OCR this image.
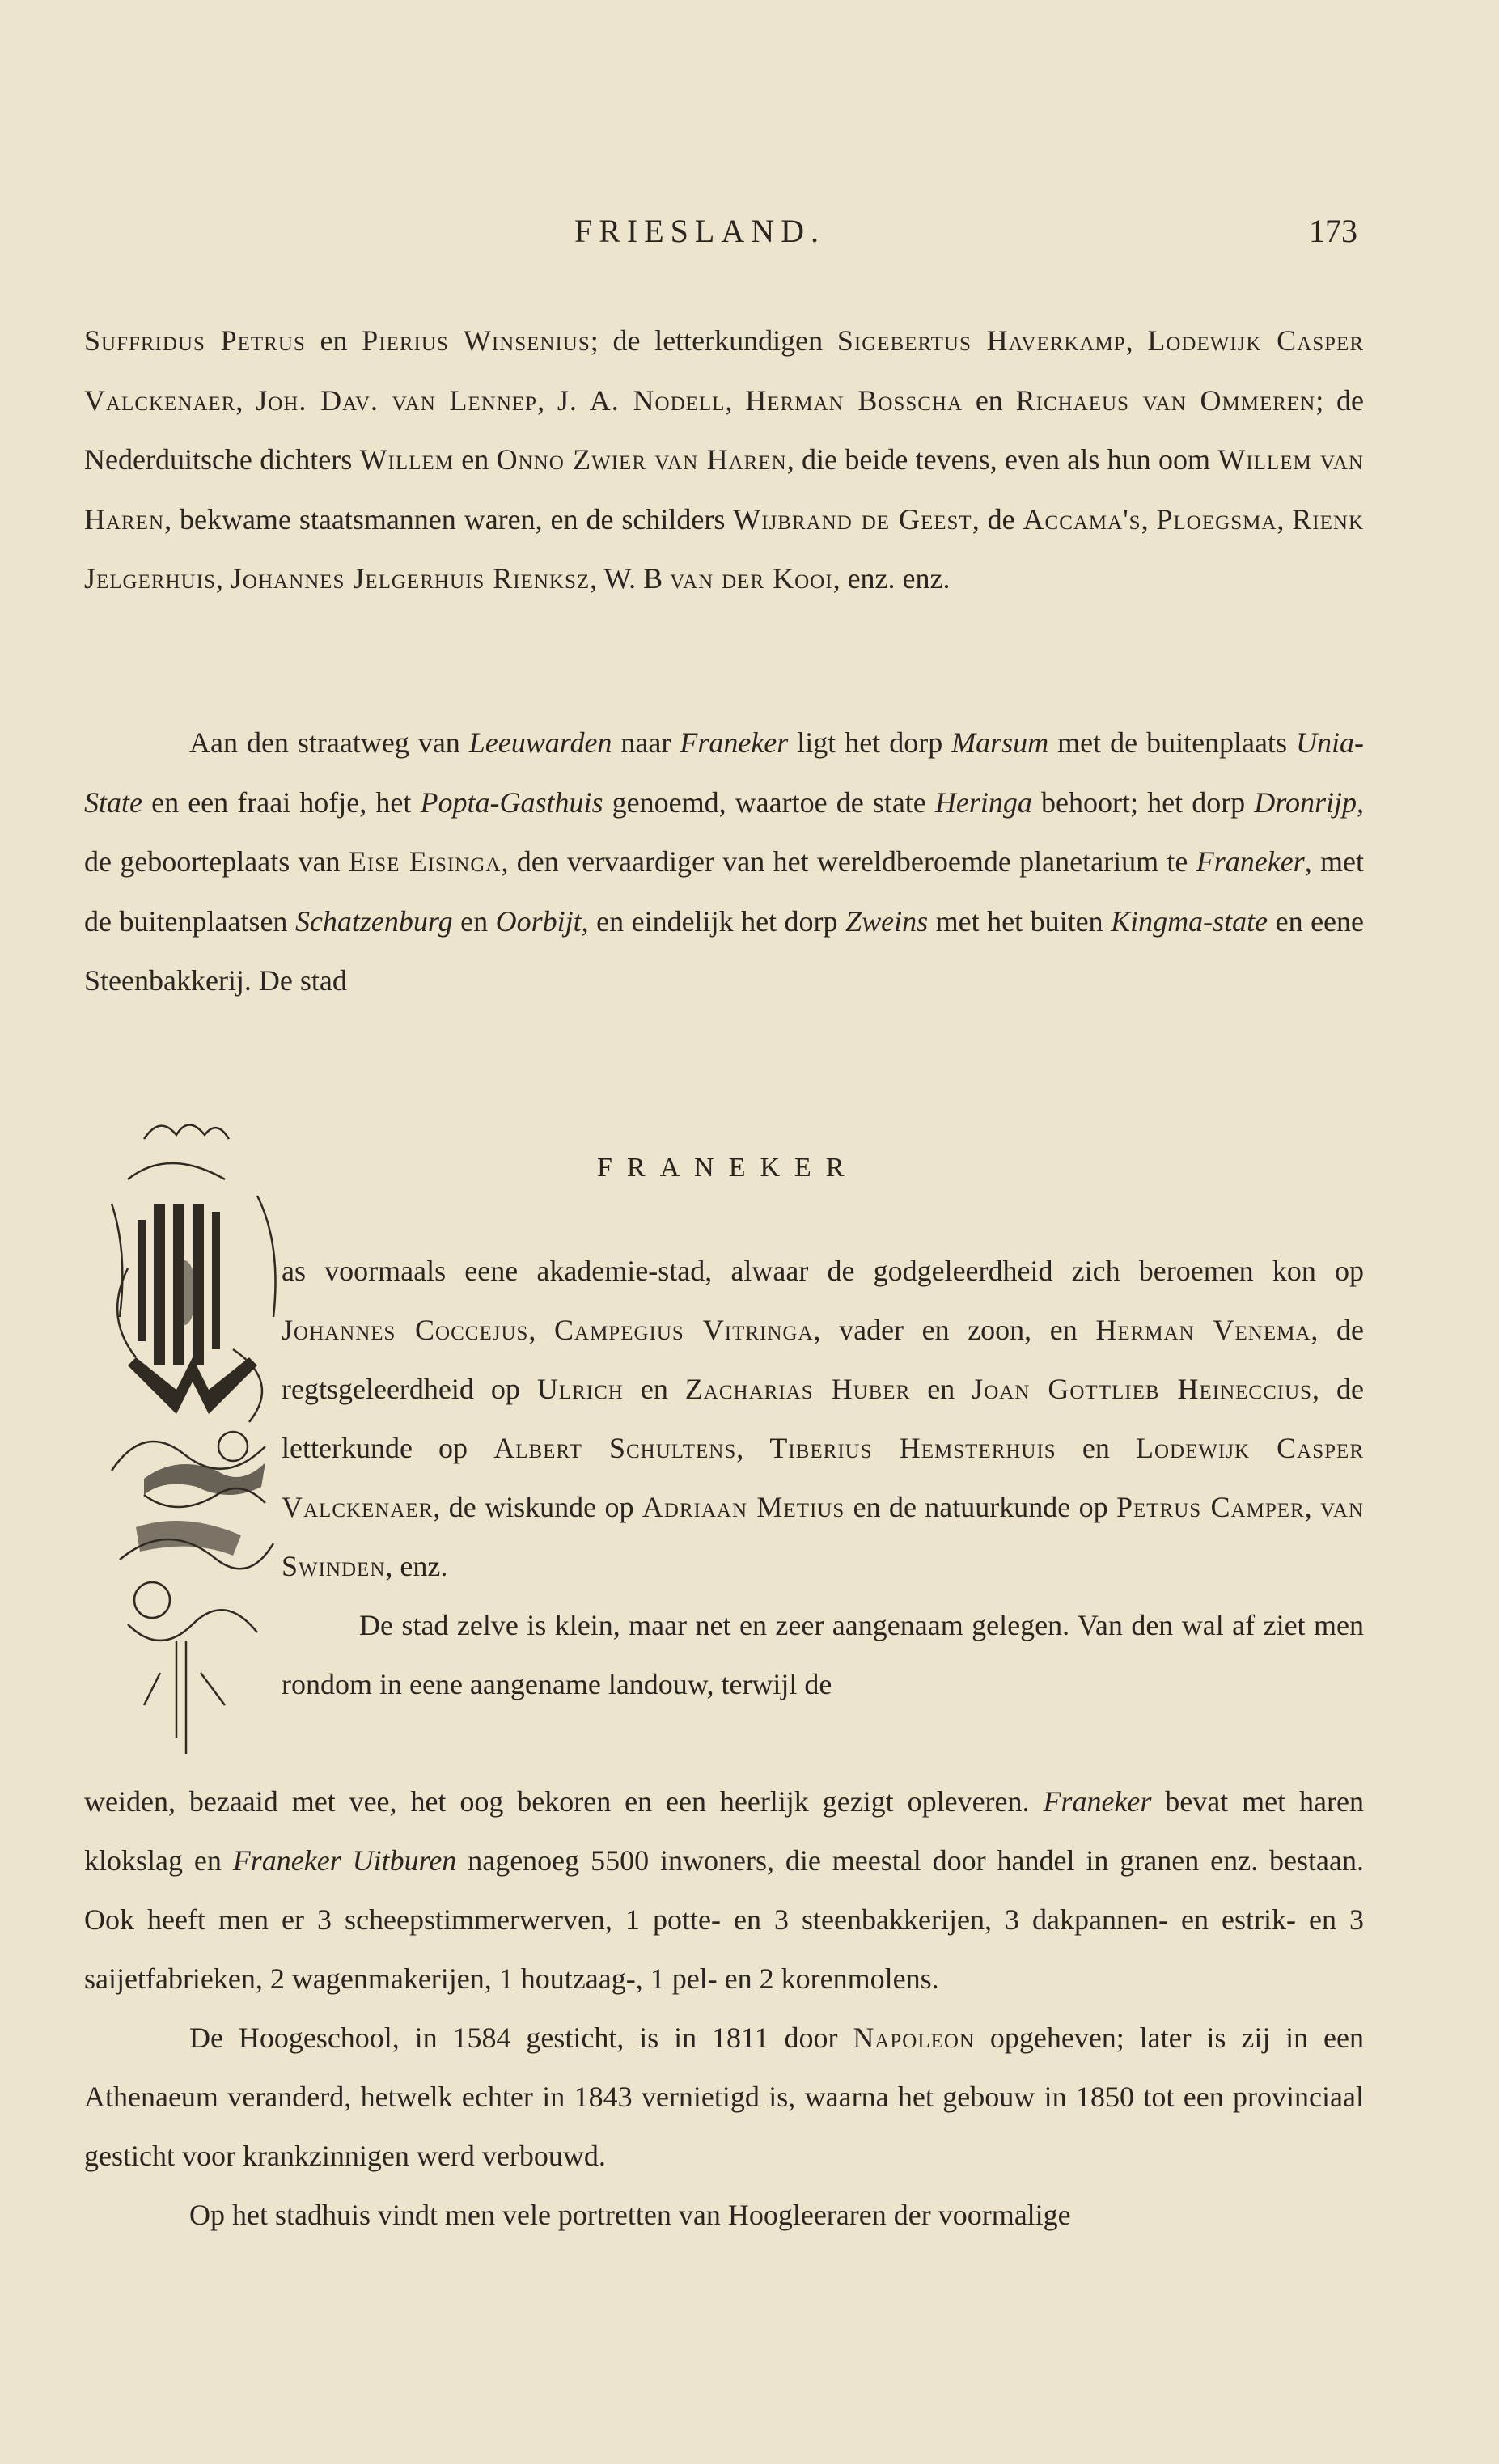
FRIESLAND.	173

Suffridus Petrus en Pierius Winsenius; de letterkundigen Sigebertus Haverkamp, Lodewijk Casper Valckenaer, Joh. Dav. van Lennep, J. A. Nodell, Herman Bosscha en Richaeus van Ommeren; de Nederduitsche dichters Willem en Onno Zwier van Haren, die beide tevens, even als hun oom Willem van Haren, bekwame staatsmannen waren, en de schilders Wijbrand de Geest, de Accama's, Ploegsma, Rienk Jelgerhuis, Johannes Jelgerhuis Rienksz, W. B van der Kooi, enz. enz.

Aan den straatweg van Leeuwarden naar Franeker ligt het dorp Marsum met de buitenplaats Unia-State en een fraai hofje, het Popta-Gasthuis genoemd, waartoe de state Heringa behoort; het dorp Dronrijp, de geboorteplaats van Eise Eisinga, den vervaardiger van het wereldberoemde planetarium te Franeker, met de buitenplaatsen Schatzenburg en Oorbijt, en eindelijk het dorp Zweins met het buiten Kingma-state en eene Steenbakkerij. De stad

FRANEKER

as voormaals eene akademie-stad, alwaar de godgeleerdheid zich beroemen kon op Johannes Coccejus, Campegius Vitringa, vader en zoon, en Herman Venema, de regtsgeleerdheid op Ulrich en Zacharias Huber en Joan Gottlieb Heineccius, de letterkunde op Albert Schultens, Tiberius Hemsterhuis en Lodewijk Casper Valckenaer, de wiskunde op Adriaan Metius en de natuurkunde op Petrus Camper, van Swinden, enz.

De stad zelve is klein, maar net en zeer aangenaam gelegen. Van den wal af ziet men rondom in eene aangename landouw, terwijl de

weiden, bezaaid met vee, het oog bekoren en een heerlijk gezigt opleveren. Franeker bevat met haren klokslag en Franeker Uitburen nagenoeg 5500 inwoners, die meestal door handel in granen enz. bestaan. Ook heeft men er 3 scheepstimmerwerven, 1 potte- en 3 steenbakkerijen, 3 dakpannen- en estrik- en 3 saijetfabrieken, 2 wagenmakerijen, 1 houtzaag-, 1 pel- en 2 korenmolens.

De Hoogeschool, in 1584 gesticht, is in 1811 door Napoleon opgeheven; later is zij in een Athenaeum veranderd, hetwelk echter in 1843 vernietigd is, waarna het gebouw in 1850 tot een provinciaal gesticht voor krankzinnigen werd verbouwd.

Op het stadhuis vindt men vele portretten van Hoogleeraren der voormalige
